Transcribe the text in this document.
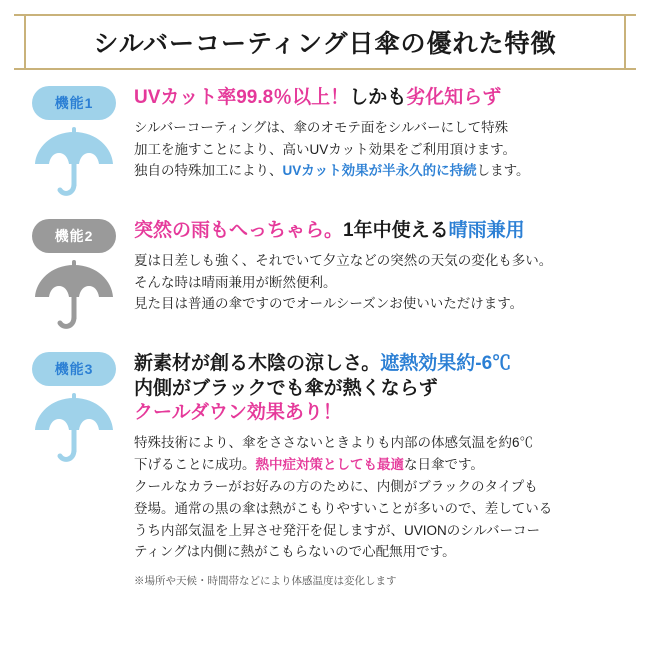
シルバーコーティング日傘の優れた特徴
機能1	UVカット率99.8％以上！しかも劣化知らず
シルバーコーティングは、傘のオモテ面をシルバーにして特殊
加工を施すことにより、高いUVカット効果をご利用頂けます。
独自の特殊加工により、UVカット効果が半永久的に持続します。
機能2	突然の雨もへっちゃら。1年中使える晴雨兼用
夏は日差しも強く、それでいて夕立などの突然の天気の変化も多い。
そんな時は晴雨兼用が断然便利。
見た目は普通の傘ですのでオールシーズンお使いいただけます。
機能3	新素材が創る木陰の涼しさ。遮熱効果約-6℃
内側がブラックでも傘が熱くならず
クールダウン効果あり！
特殊技術により、傘をささないときよりも内部の体感気温を約6℃
下げることに成功。熱中症対策としても最適な日傘です。
クールなカラーがお好みの方のために、内側がブラックのタイプも
登場。通常の黒の傘は熱がこもりやすいことが多いので、差している
うち内部気温を上昇させ発汗を促しますが、UVIONのシルバーコー
ティングは内側に熱がこもらないので心配無用です。
※場所や天候・時間帯などにより体感温度は変化します
